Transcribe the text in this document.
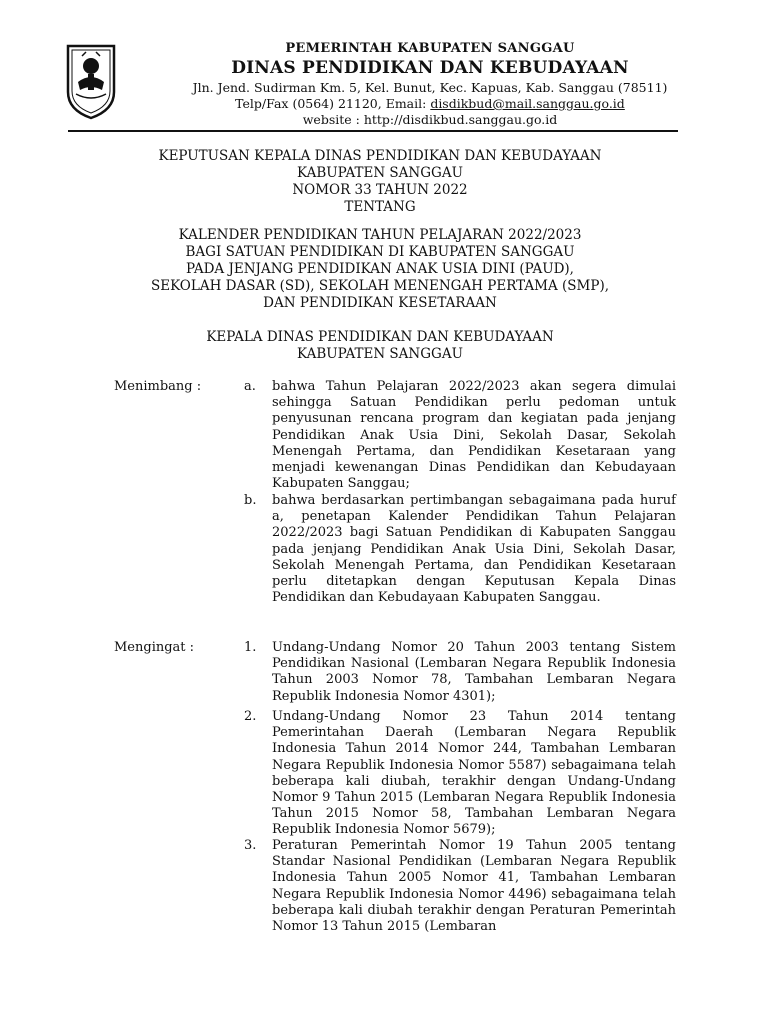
PEMERINTAH KABUPATEN SANGGAU
DINAS PENDIDIKAN DAN KEBUDAYAAN
Jln. Jend. Sudirman Km. 5, Kel. Bunut, Kec. Kapuas, Kab. Sanggau (78511)
Telp/Fax (0564) 21120, Email: disdikbud@mail.sanggau.go.id
website : http://disdikbud.sanggau.go.id
KEPUTUSAN KEPALA DINAS PENDIDIKAN DAN KEBUDAYAAN
KABUPATEN SANGGAU
NOMOR 33 TAHUN 2022
TENTANG
KALENDER PENDIDIKAN TAHUN PELAJARAN 2022/2023
BAGI SATUAN PENDIDIKAN DI KABUPATEN SANGGAU
PADA JENJANG PENDIDIKAN ANAK USIA DINI (PAUD),
SEKOLAH DASAR (SD), SEKOLAH MENENGAH PERTAMA (SMP),
DAN PENDIDIKAN KESETARAAN
KEPALA DINAS PENDIDIKAN DAN KEBUDAYAAN
KABUPATEN SANGGAU
Menimbang :	a. bahwa Tahun Pelajaran 2022/2023 akan segera dimulai sehingga Satuan Pendidikan perlu pedoman untuk penyusunan rencana program dan kegiatan pada jenjang Pendidikan Anak Usia Dini, Sekolah Dasar, Sekolah Menengah Pertama, dan Pendidikan Kesetaraan yang menjadi kewenangan Dinas Pendidikan dan Kebudayaan Kabupaten Sanggau;
b. bahwa berdasarkan pertimbangan sebagaimana pada huruf a, penetapan Kalender Pendidikan Tahun Pelajaran 2022/2023 bagi Satuan Pendidikan di Kabupaten Sanggau pada jenjang Pendidikan Anak Usia Dini, Sekolah Dasar, Sekolah Menengah Pertama, dan Pendidikan Kesetaraan perlu ditetapkan dengan Keputusan Kepala Dinas Pendidikan dan Kebudayaan Kabupaten Sanggau.
Mengingat :	1. Undang-Undang Nomor 20 Tahun 2003 tentang Sistem Pendidikan Nasional (Lembaran Negara Republik Indonesia Tahun 2003 Nomor 78, Tambahan Lembaran Negara Republik Indonesia Nomor 4301);
2. Undang-Undang Nomor 23 Tahun 2014 tentang Pemerintahan Daerah (Lembaran Negara Republik Indonesia Tahun 2014 Nomor 244, Tambahan Lembaran Negara Republik Indonesia Nomor 5587) sebagaimana telah beberapa kali diubah, terakhir dengan Undang-Undang Nomor 9 Tahun 2015 (Lembaran Negara Republik Indonesia Tahun 2015 Nomor 58, Tambahan Lembaran Negara Republik Indonesia Nomor 5679);
3. Peraturan Pemerintah Nomor 19 Tahun 2005 tentang Standar Nasional Pendidikan (Lembaran Negara Republik Indonesia Tahun 2005 Nomor 41, Tambahan Lembaran Negara Republik Indonesia Nomor 4496) sebagaimana telah beberapa kali diubah terakhir dengan Peraturan Pemerintah Nomor 13 Tahun 2015 (Lembaran
